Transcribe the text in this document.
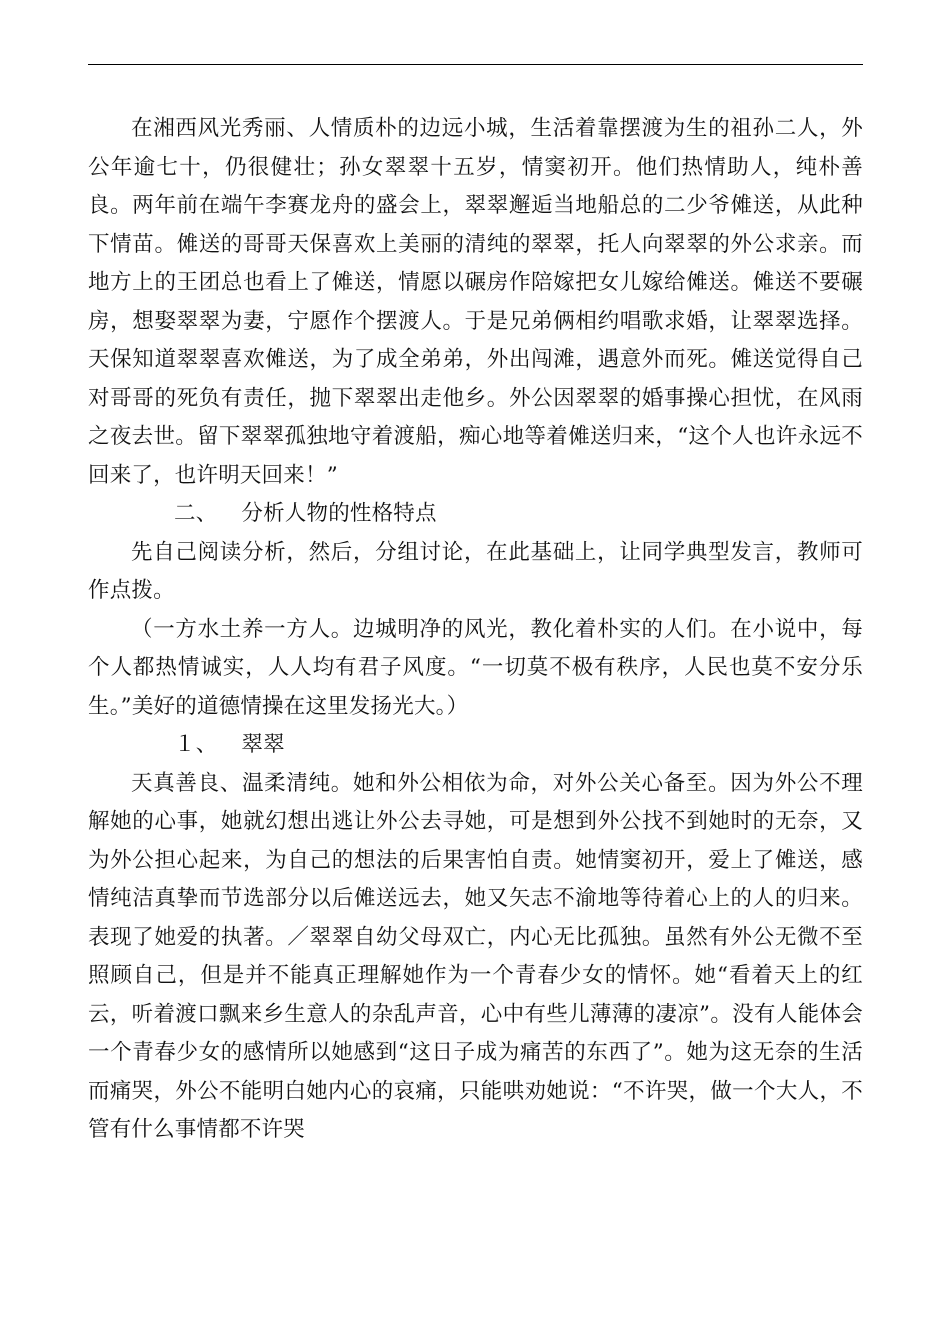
在湘西风光秀丽、人情质朴的边远小城，生活着靠摆渡为生的祖孙二人，外公年逾七十，仍很健壮；孙女翠翠十五岁，情窦初开。他们热情助人，纯朴善良。两年前在端午李赛龙舟的盛会上，翠翠邂逅当地船总的二少爷傩送，从此种下情苗。傩送的哥哥天保喜欢上美丽的清纯的翠翠，托人向翠翠的外公求亲。而地方上的王团总也看上了傩送，情愿以碾房作陪嫁把女儿嫁给傩送。傩送不要碾房，想娶翠翠为妻，宁愿作个摆渡人。于是兄弟俩相约唱歌求婚，让翠翠选择。天保知道翠翠喜欢傩送，为了成全弟弟，外出闯滩，遇意外而死。傩送觉得自己对哥哥的死负有责任，抛下翠翠出走他乡。外公因翠翠的婚事操心担忧，在风雨之夜去世。留下翠翠孤独地守着渡船，痴心地等着傩送归来，“这个人也许永远不回来了，也许明天回来！”

二、 分析人物的性格特点

先自己阅读分析，然后，分组讨论，在此基础上，让同学典型发言，教师可作点拨。

（一方水土养一方人。边城明净的风光，教化着朴实的人们。在小说中，每个人都热情诚实，人人均有君子风度。“一切莫不极有秩序，人民也莫不安分乐生。”美好的道德情操在这里发扬光大。）

１、 翠翠

天真善良、温柔清纯。她和外公相依为命，对外公关心备至。因为外公不理解她的心事，她就幻想出逃让外公去寻她，可是想到外公找不到她时的无奈，又为外公担心起来，为自己的想法的后果害怕自责。她情窦初开，爱上了傩送，感情纯洁真挚而节选部分以后傩送远去，她又矢志不渝地等待着心上的人的归来。表现了她爱的执著。／翠翠自幼父母双亡，内心无比孤独。虽然有外公无微不至照顾自己，但是并不能真正理解她作为一个青春少女的情怀。她“看着天上的红云，听着渡口飘来乡生意人的杂乱声音，心中有些儿薄薄的凄凉”。没有人能体会一个青春少女的感情所以她感到“这日子成为痛苦的东西了”。她为这无奈的生活而痛哭，外公不能明白她内心的哀痛，只能哄劝她说：“不许哭，做一个大人，不管有什么事情都不许哭
